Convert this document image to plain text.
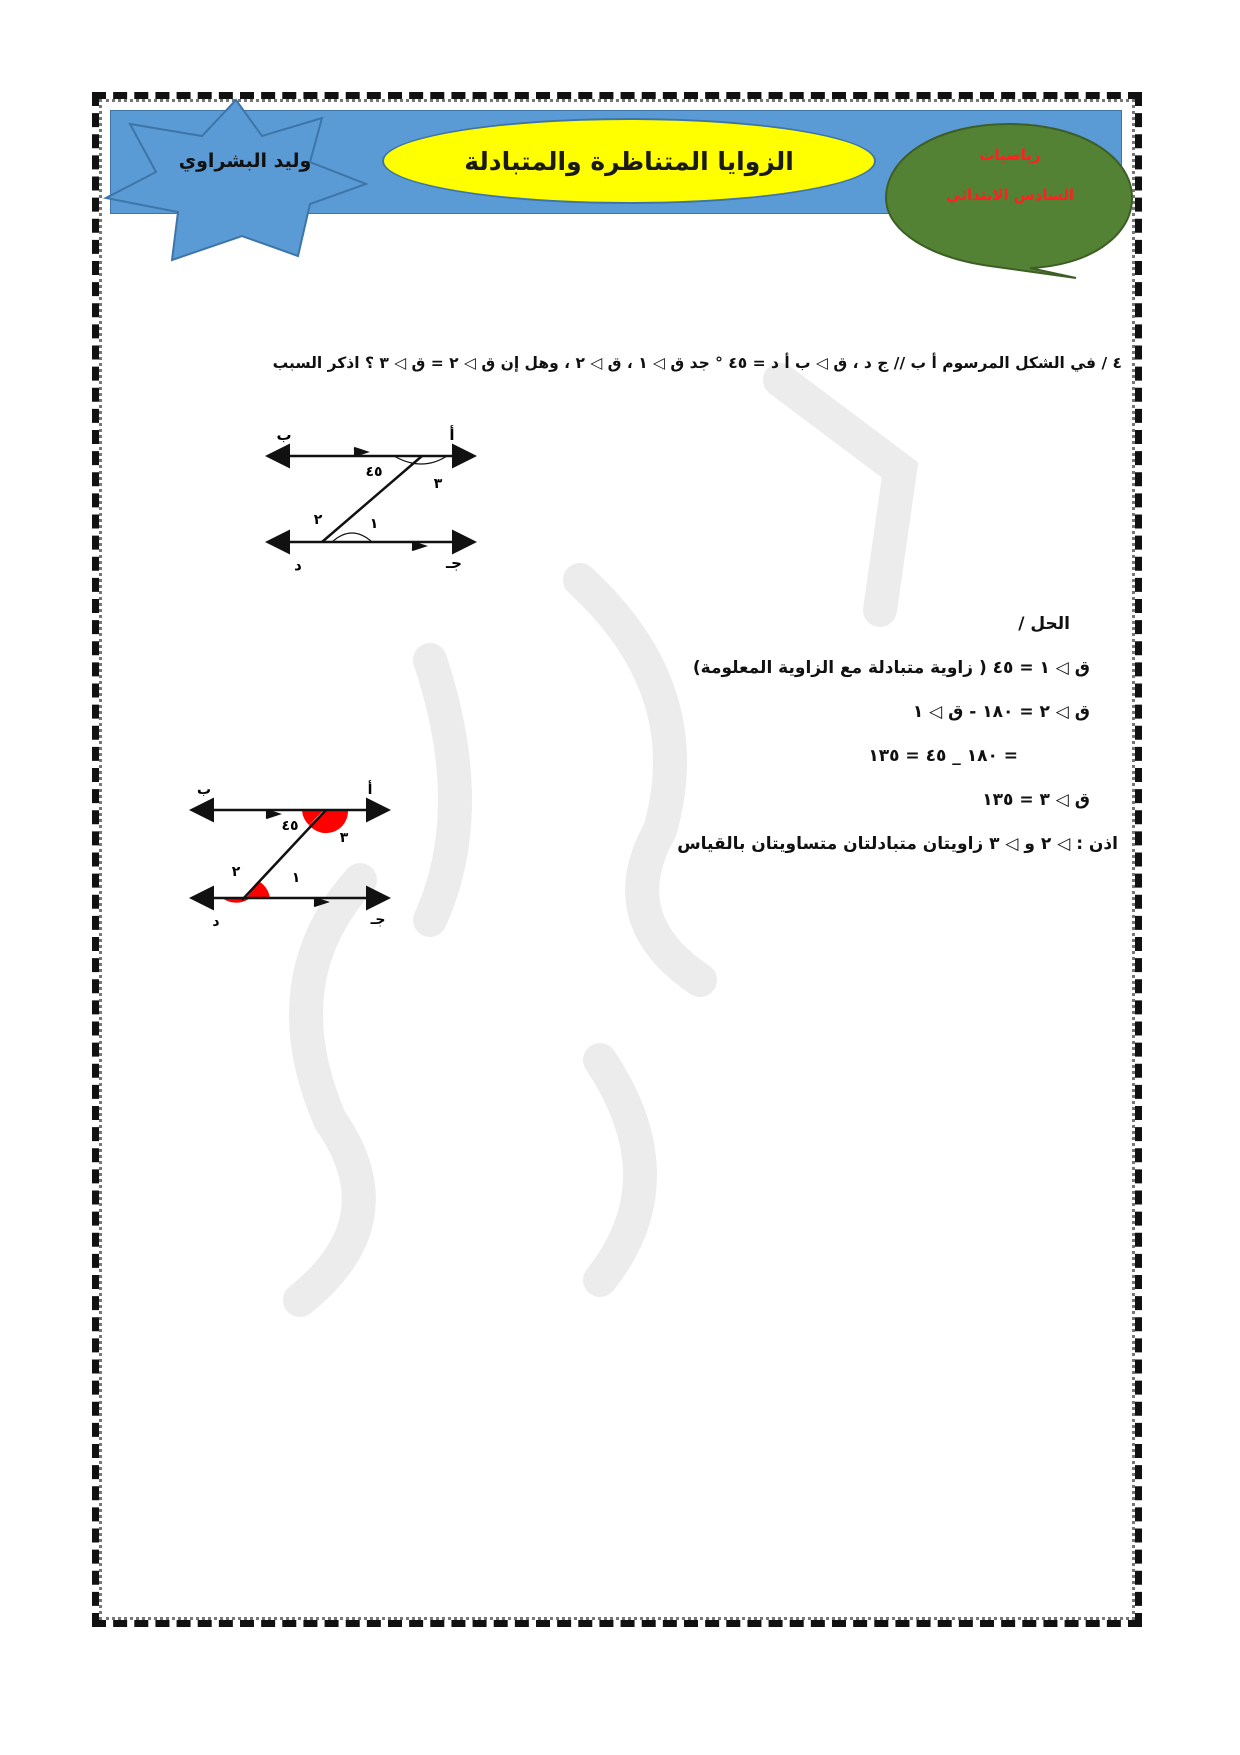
وليد البشراوي	الزوايا المتناظرة والمتبادلة	رياضيات
السادس الابتدائي
٤ / في الشكل المرسوم أ ب // ج د ، ق ◁ ب أ د = ٤٥ ° جد ق ◁ ١ ، ق ◁ ٢ ، وهل إن ق ◁ ٢ = ق ◁ ٣ ؟ اذكر السبب
ب	أ
د	جـ
٤٥
٣
٢	١
الحل /
ق ◁ ١ = ٤٥ ( زاوية متبادلة مع الزاوية المعلومة)
ق ◁ ٢ = ١٨٠ - ق ◁ ١
= ١٨٠ _ ٤٥ = ١٣٥
ق ◁ ٣ = ١٣٥
اذن : ◁ ٢ و ◁ ٣ زاويتان متبادلتان متساويتان بالقياس
ب	أ
د	جـ
٤٥
٣
٢	١
